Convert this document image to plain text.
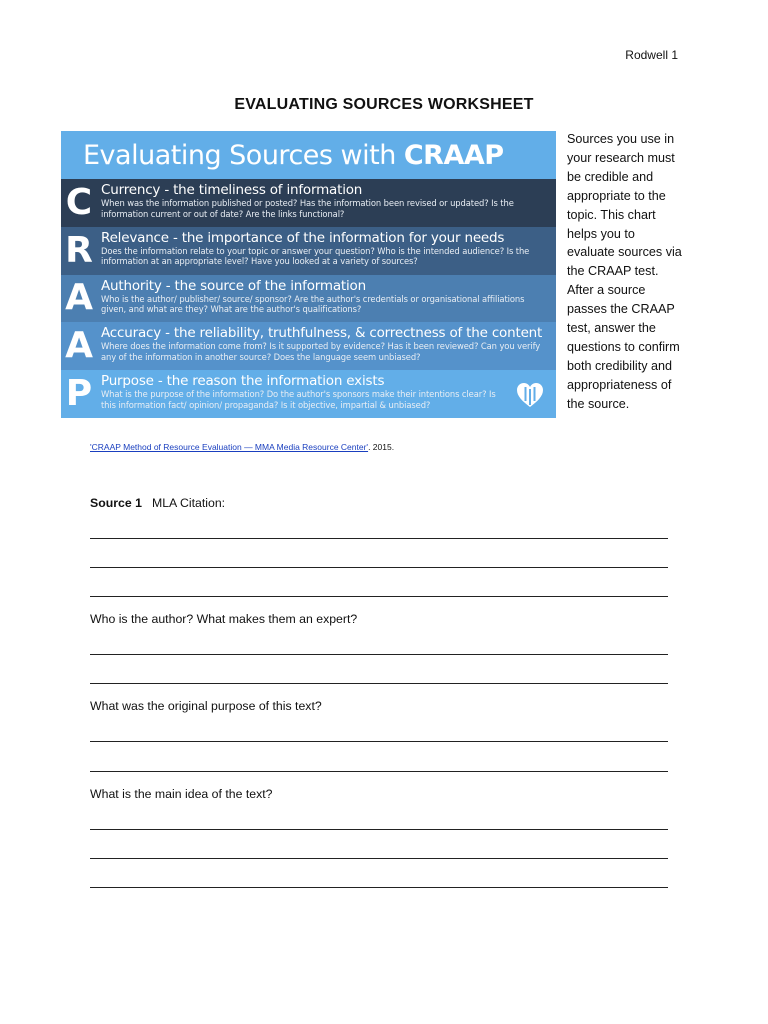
Rodwell 1
EVALUATING SOURCES WORKSHEET
Evaluating Sources with CRAAP
C Currency - the timeliness of information
When was the information published or posted? Has the information been revised or updated? Is the information current or out of date? Are the links functional?
R Relevance - the importance of the information for your needs
Does the information relate to your topic or answer your question? Who is the intended audience? Is the information at an appropriate level? Have you looked at a variety of sources?
A Authority - the source of the information
Who is the author/ publisher/ source/ sponsor? Are the author's credentials or organisational affiliations given, and what are they? What are the author's qualifications?
A Accuracy - the reliability, truthfulness, & correctness of the content
Where does the information come from? Is it supported by evidence? Has it been reviewed? Can you verify any of the information in another source? Does the language seem unbiased?
P Purpose - the reason the information exists
What is the purpose of the information? Do the author's sponsors make their intentions clear? Is this information fact/ opinion/ propaganda? Is it objective, impartial & unbiased?
Sources you use in your research must be credible and appropriate to the topic. This chart helps you to evaluate sources via the CRAAP test. After a source passes the CRAAP test, answer the questions to confirm both credibility and appropriateness of the source.
'CRAAP Method of Resource Evaluation — MMA Media Resource Center'. 2015.
Source 1 MLA Citation:
Who is the author? What makes them an expert?
What was the original purpose of this text?
What is the main idea of the text?
